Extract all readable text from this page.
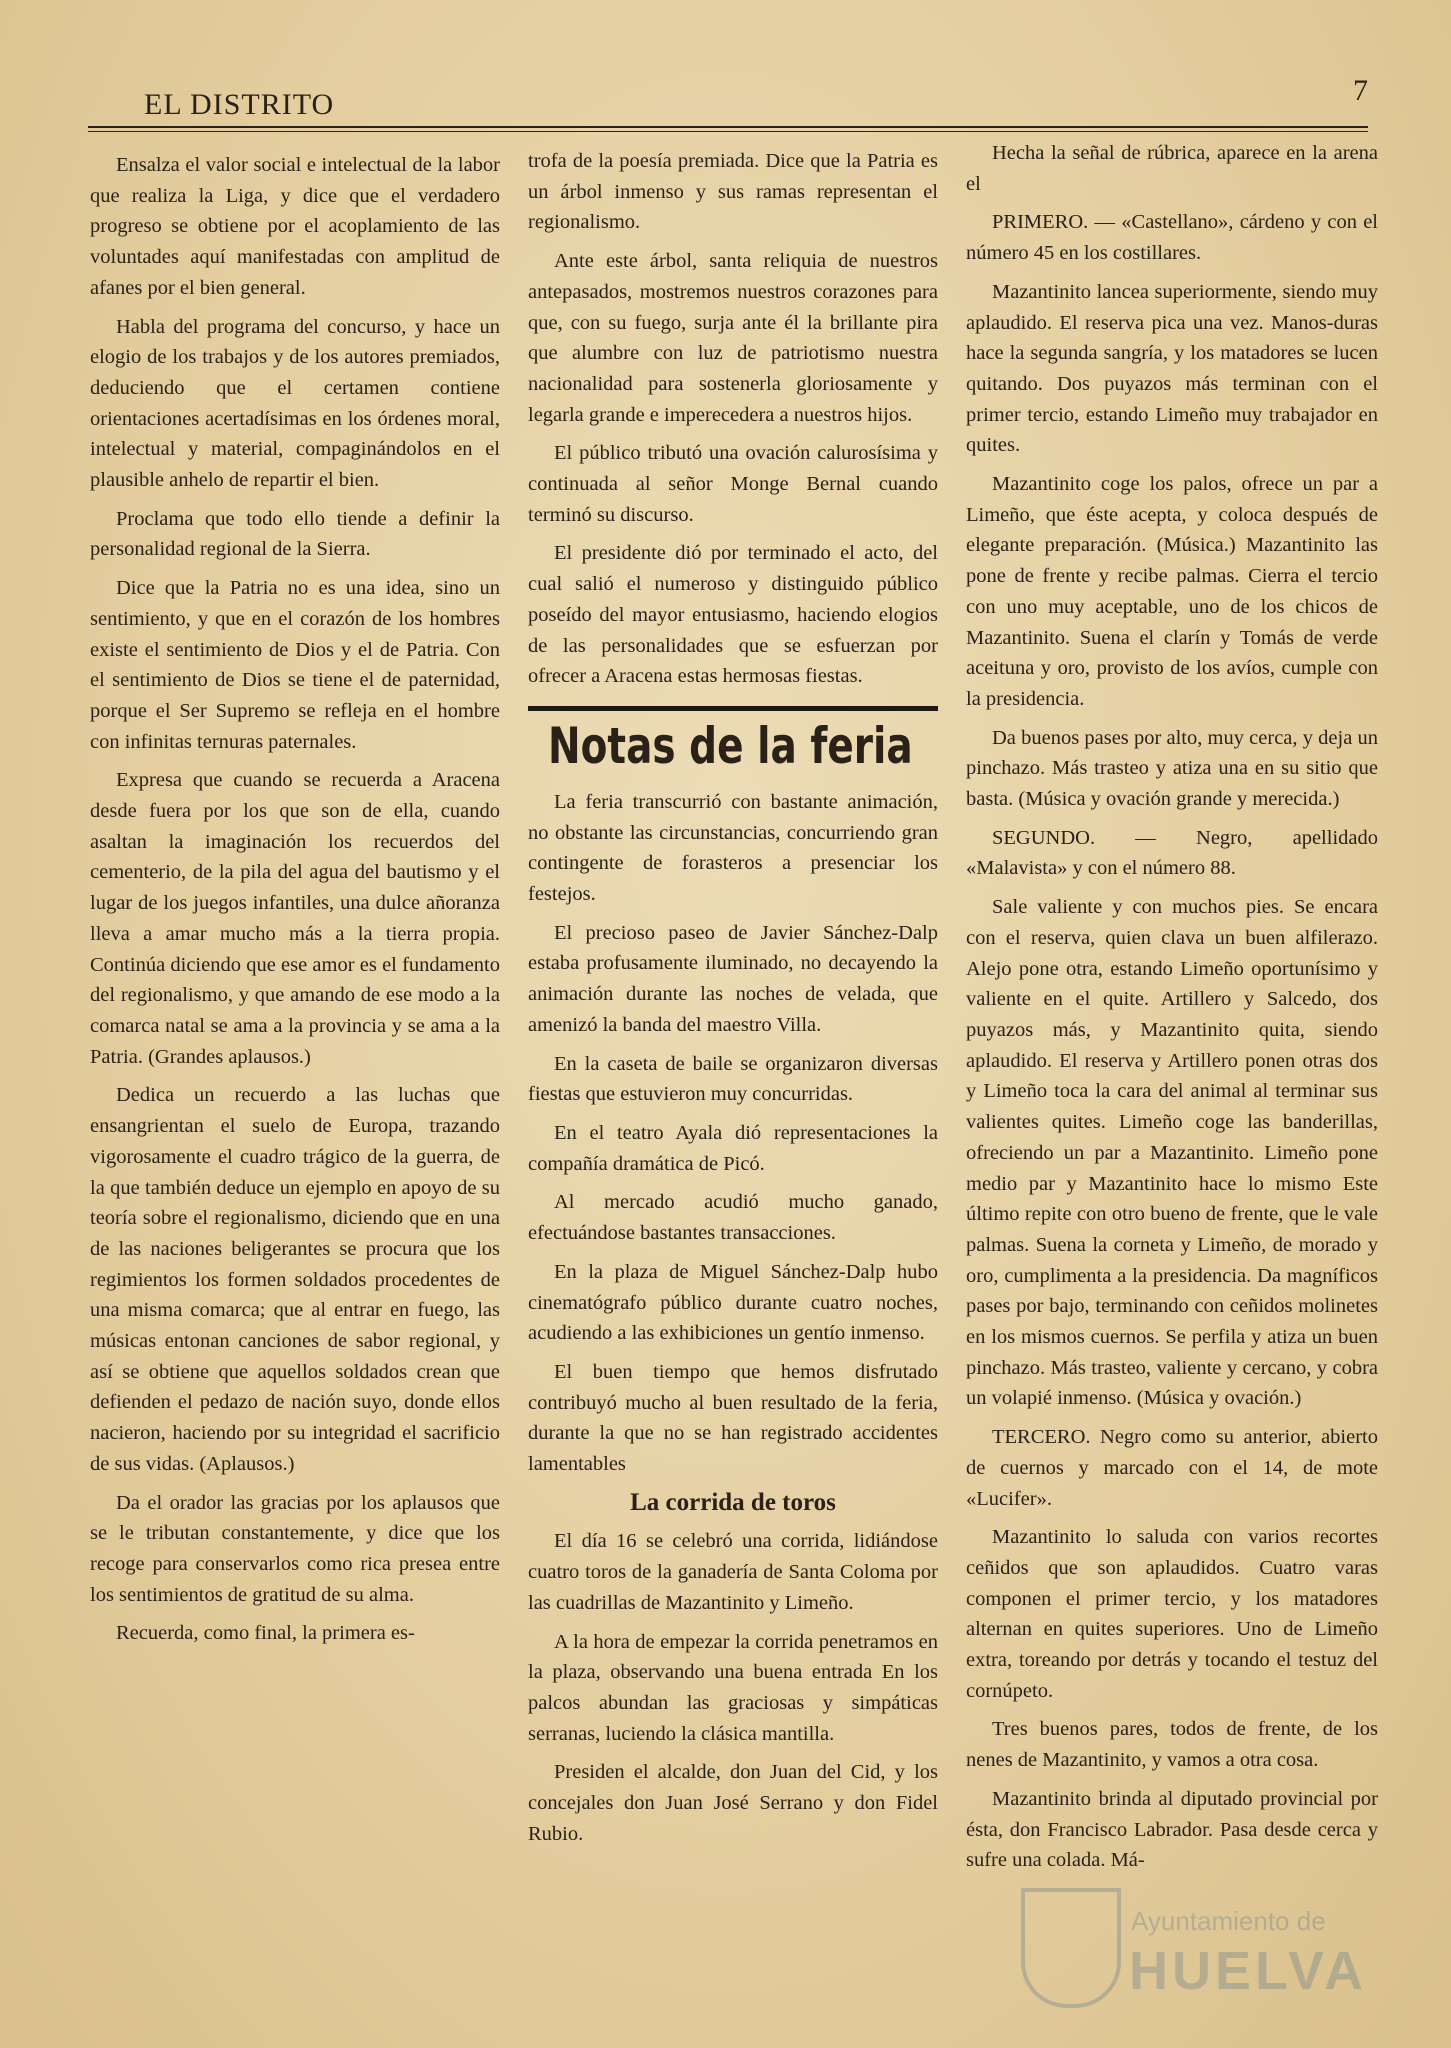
EL DISTRITO	7

Ensalza el valor social e intelectual de la labor que realiza la Liga, y dice que el verdadero progreso se obtiene por el acoplamiento de las voluntades aquí manifestadas con amplitud de afanes por el bien general.

Habla del programa del concurso, y hace un elogio de los trabajos y de los autores premiados, deduciendo que el certamen contiene orientaciones acertadísimas en los órdenes moral, intelectual y material, compaginándolos en el plausible anhelo de repartir el bien.

Proclama que todo ello tiende a definir la personalidad regional de la Sierra.

Dice que la Patria no es una idea, sino un sentimiento, y que en el corazón de los hombres existe el sentimiento de Dios y el de Patria. Con el sentimiento de Dios se tiene el de paternidad, porque el Ser Supremo se refleja en el hombre con infinitas ternuras paternales.

Expresa que cuando se recuerda a Aracena desde fuera por los que son de ella, cuando asaltan la imaginación los recuerdos del cementerio, de la pila del agua del bautismo y el lugar de los juegos infantiles, una dulce añoranza lleva a amar mucho más a la tierra propia. Continúa diciendo que ese amor es el fundamento del regionalismo, y que amando de ese modo a la comarca natal se ama a la provincia y se ama a la Patria. (Grandes aplausos.)

Dedica un recuerdo a las luchas que ensangrientan el suelo de Europa, trazando vigorosamente el cuadro trágico de la guerra, de la que también deduce un ejemplo en apoyo de su teoría sobre el regionalismo, diciendo que en una de las naciones beligerantes se procura que los regimientos los formen soldados procedentes de una misma comarca; que al entrar en fuego, las músicas entonan canciones de sabor regional, y así se obtiene que aquellos soldados crean que defienden el pedazo de nación suyo, donde ellos nacieron, haciendo por su integridad el sacrificio de sus vidas. (Aplausos.)

Da el orador las gracias por los aplausos que se le tributan constantemente, y dice que los recoge para conservarlos como rica presea entre los sentimientos de gratitud de su alma.

Recuerda, como final, la primera es-

trofa de la poesía premiada. Dice que la Patria es un árbol inmenso y sus ramas representan el regionalismo.

Ante este árbol, santa reliquia de nuestros antepasados, mostremos nuestros corazones para que, con su fuego, surja ante él la brillante pira que alumbre con luz de patriotismo nuestra nacionalidad para sostenerla gloriosamente y legarla grande e imperecedera a nuestros hijos.

El público tributó una ovación calurosísima y continuada al señor Monge Bernal cuando terminó su discurso.

El presidente dió por terminado el acto, del cual salió el numeroso y distinguido público poseído del mayor entusiasmo, haciendo elogios de las personalidades que se esfuerzan por ofrecer a Aracena estas hermosas fiestas.

Notas de la feria

La feria transcurrió con bastante animación, no obstante las circunstancias, concurriendo gran contingente de forasteros a presenciar los festejos.

El precioso paseo de Javier Sánchez-Dalp estaba profusamente iluminado, no decayendo la animación durante las noches de velada, que amenizó la banda del maestro Villa.

En la caseta de baile se organizaron diversas fiestas que estuvieron muy concurridas.

En el teatro Ayala dió representaciones la compañía dramática de Picó.

Al mercado acudió mucho ganado, efectuándose bastantes transacciones.

En la plaza de Miguel Sánchez-Dalp hubo cinematógrafo público durante cuatro noches, acudiendo a las exhibiciones un gentío inmenso.

El buen tiempo que hemos disfrutado contribuyó mucho al buen resultado de la feria, durante la que no se han registrado accidentes lamentables

La corrida de toros

El día 16 se celebró una corrida, lidiándose cuatro toros de la ganadería de Santa Coloma por las cuadrillas de Mazantinito y Limeño.

A la hora de empezar la corrida penetramos en la plaza, observando una buena entrada En los palcos abundan las graciosas y simpáticas serranas, luciendo la clásica mantilla.

Presiden el alcalde, don Juan del Cid, y los concejales don Juan José Serrano y don Fidel Rubio.

Hecha la señal de rúbrica, aparece en la arena el

PRIMERO. — «Castellano», cárdeno y con el número 45 en los costillares.

Mazantinito lancea superiormente, siendo muy aplaudido. El reserva pica una vez. Manos-duras hace la segunda sangría, y los matadores se lucen quitando. Dos puyazos más terminan con el primer tercio, estando Limeño muy trabajador en quites.

Mazantinito coge los palos, ofrece un par a Limeño, que éste acepta, y coloca después de elegante preparación. (Música.) Mazantinito las pone de frente y recibe palmas. Cierra el tercio con uno muy aceptable, uno de los chicos de Mazantinito. Suena el clarín y Tomás de verde aceituna y oro, provisto de los avíos, cumple con la presidencia.

Da buenos pases por alto, muy cerca, y deja un pinchazo. Más trasteo y atiza una en su sitio que basta. (Música y ovación grande y merecida.)

SEGUNDO. — Negro, apellidado «Malavista» y con el número 88.

Sale valiente y con muchos pies. Se encara con el reserva, quien clava un buen alfilerazo. Alejo pone otra, estando Limeño oportunísimo y valiente en el quite. Artillero y Salcedo, dos puyazos más, y Mazantinito quita, siendo aplaudido. El reserva y Artillero ponen otras dos y Limeño toca la cara del animal al terminar sus valientes quites. Limeño coge las banderillas, ofreciendo un par a Mazantinito. Limeño pone medio par y Mazantinito hace lo mismo Este último repite con otro bueno de frente, que le vale palmas. Suena la corneta y Limeño, de morado y oro, cumplimenta a la presidencia. Da magníficos pases por bajo, terminando con ceñidos molinetes en los mismos cuernos. Se perfila y atiza un buen pinchazo. Más trasteo, valiente y cercano, y cobra un volapié inmenso. (Música y ovación.)

TERCERO. Negro como su anterior, abierto de cuernos y marcado con el 14, de mote «Lucifer».

Mazantinito lo saluda con varios recortes ceñidos que son aplaudidos. Cuatro varas componen el primer tercio, y los matadores alternan en quites superiores. Uno de Limeño extra, toreando por detrás y tocando el testuz del cornúpeto.

Tres buenos pares, todos de frente, de los nenes de Mazantinito, y vamos a otra cosa.

Mazantinito brinda al diputado provincial por ésta, don Francisco Labrador. Pasa desde cerca y sufre una colada. Má-

Ayuntamiento de
HUELVA
